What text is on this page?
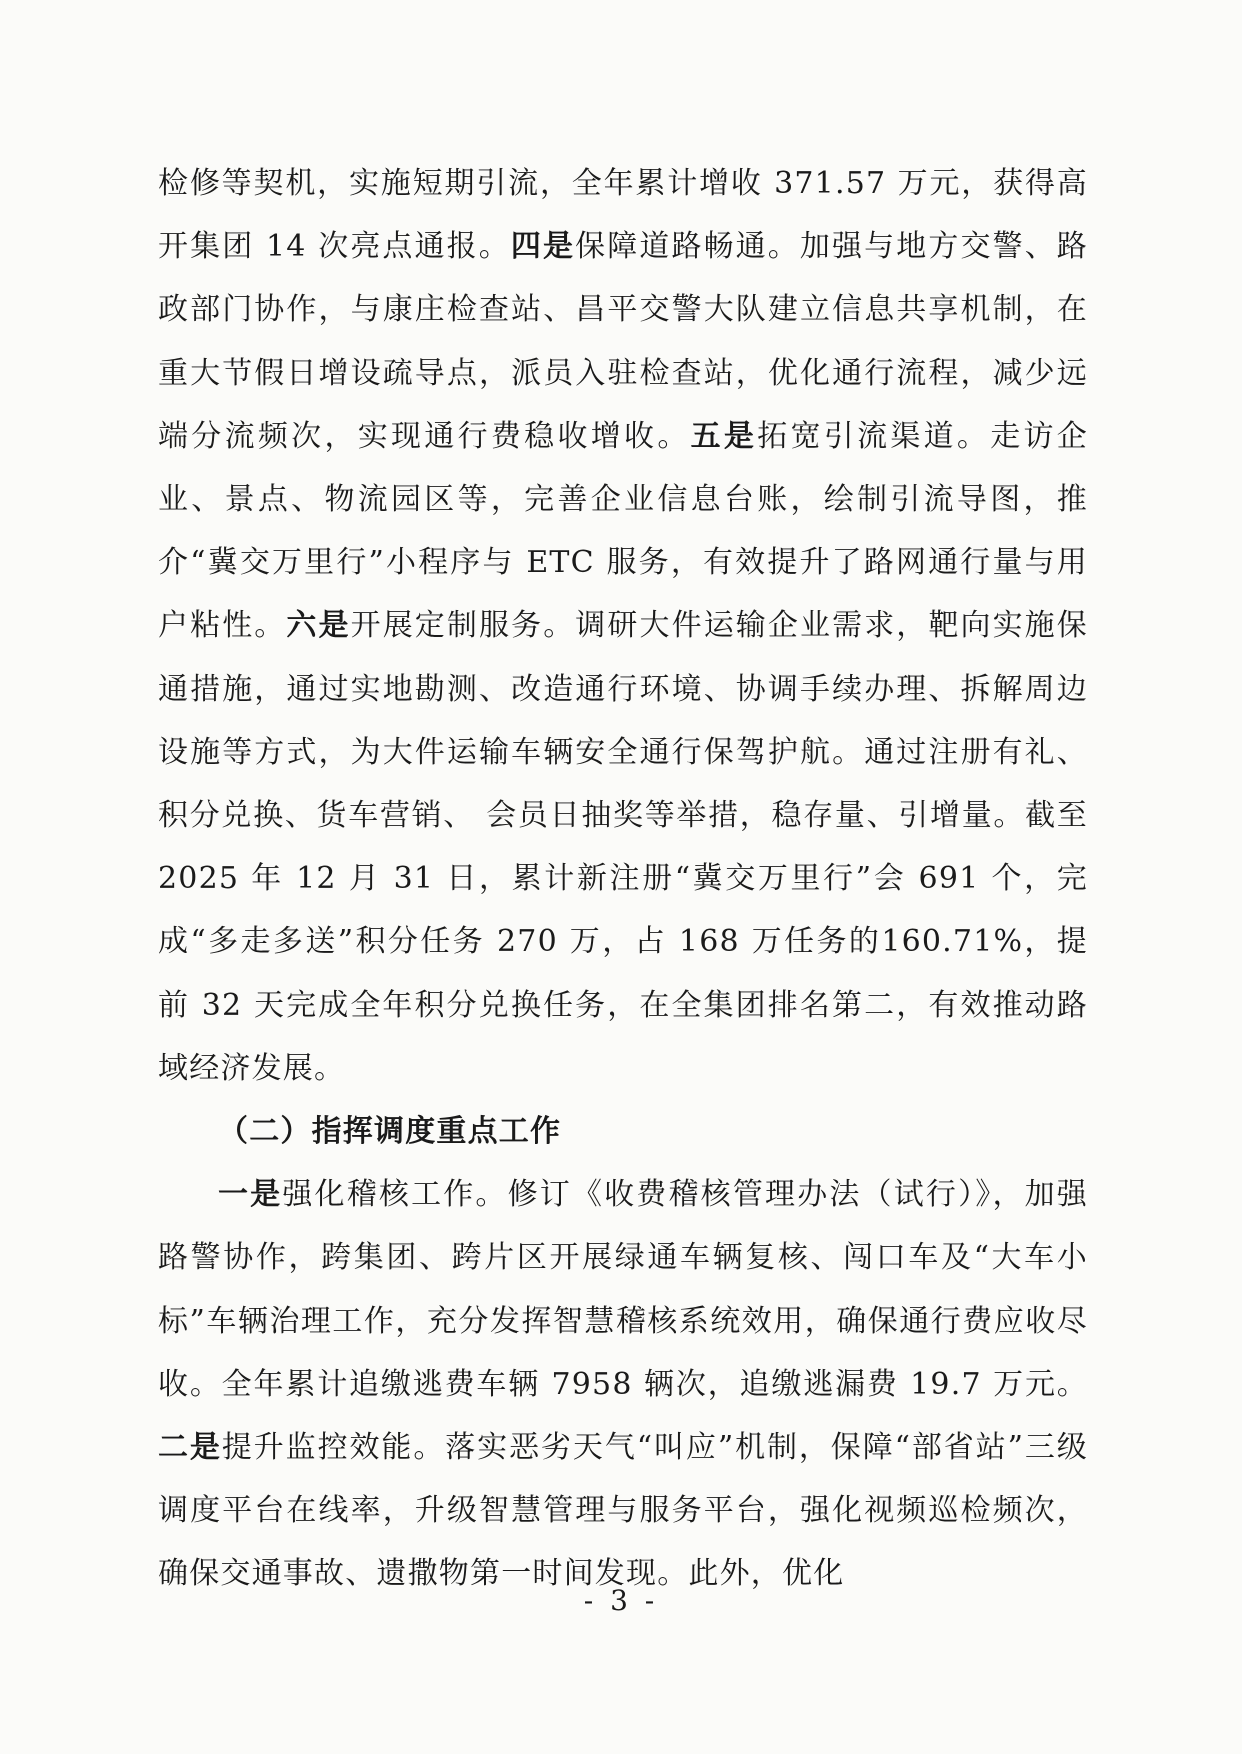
检修等契机，实施短期引流，全年累计增收 371.57 万元，获得高开集团 14 次亮点通报。四是保障道路畅通。加强与地方交警、路政部门协作，与康庄检查站、昌平交警大队建立信息共享机制，在重大节假日增设疏导点，派员入驻检查站，优化通行流程，减少远端分流频次，实现通行费稳收增收。五是拓宽引流渠道。走访企业、景点、物流园区等，完善企业信息台账，绘制引流导图，推介“冀交万里行”小程序与 ETC 服务，有效提升了路网通行量与用户粘性。六是开展定制服务。调研大件运输企业需求，靶向实施保通措施，通过实地勘测、改造通行环境、协调手续办理、拆解周边设施等方式，为大件运输车辆安全通行保驾护航。通过注册有礼、积分兑换、货车营销、 会员日抽奖等举措，稳存量、引增量。截至 2025 年 12 月 31 日，累计新注册“冀交万里行”会 691 个，完成“多走多送”积分任务 270 万，占 168 万任务的160.71%，提前 32 天完成全年积分兑换任务，在全集团排名第二，有效推动路域经济发展。

（二）指挥调度重点工作

一是强化稽核工作。修订《收费稽核管理办法（试行）》，加强路警协作，跨集团、跨片区开展绿通车辆复核、闯口车及“大车小标”车辆治理工作，充分发挥智慧稽核系统效用，确保通行费应收尽收。全年累计追缴逃费车辆 7958 辆次，追缴逃漏费 19.7 万元。二是提升监控效能。落实恶劣天气“叫应”机制，保障“部省站”三级调度平台在线率，升级智慧管理与服务平台，强化视频巡检频次，确保交通事故、遗撒物第一时间发现。此外，优化

- 3 -
